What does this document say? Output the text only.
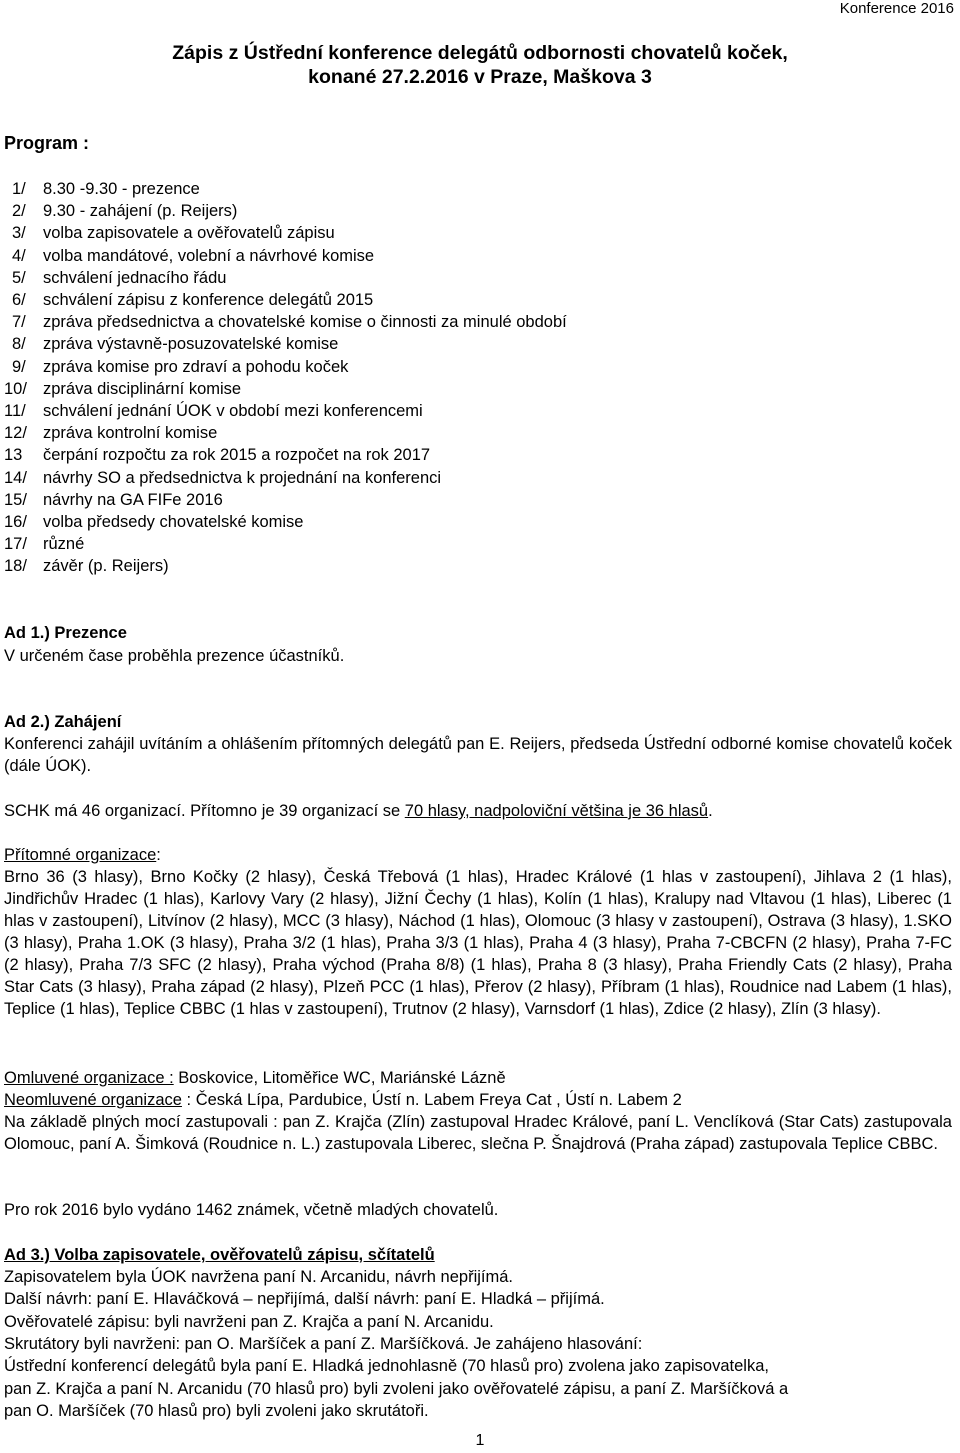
Konference 2016
Zápis z Ústřední konference delegátů odbornosti chovatelů koček,
konané 27.2.2016 v Praze, Maškova 3
Program :
1/ 8.30 -9.30 - prezence
2/ 9.30 - zahájení (p. Reijers)
3/ volba zapisovatele a ověřovatelů zápisu
4/ volba mandátové, volební a návrhové komise
5/ schválení jednacího řádu
6/ schválení zápisu z konference delegátů 2015
7/ zpráva předsednictva a chovatelské komise o činnosti za minulé období
8/ zpráva výstavně-posuzovatelské komise
9/ zpráva komise pro zdraví a pohodu koček
10/ zpráva disciplinární komise
11/ schválení jednání ÚOK v období mezi konferencemi
12/ zpráva kontrolní komise
13 čerpání rozpočtu za rok 2015 a rozpočet na rok 2017
14/ návrhy SO a předsednictva k projednání na konferenci
15/ návrhy na GA FIFe 2016
16/ volba předsedy chovatelské komise
17/ různé
18/ závěr (p. Reijers)
Ad 1.) Prezence
V určeném čase proběhla prezence účastníků.
Ad 2.) Zahájení
Konferenci zahájil uvítáním a ohlášením přítomných delegátů pan E. Reijers, předseda Ústřední odborné komise chovatelů koček (dále ÚOK).
SCHK má 46 organizací. Přítomno je 39 organizací se 70 hlasy, nadpoloviční většina je 36 hlasů.
Přítomné organizace:
Brno 36 (3 hlasy), Brno Kočky (2 hlasy), Česká Třebová (1 hlas), Hradec Králové (1 hlas v zastoupení), Jihlava 2 (1 hlas), Jindřichův Hradec (1 hlas), Karlovy Vary (2 hlasy), Jižní Čechy (1 hlas), Kolín (1 hlas), Kralupy nad Vltavou (1 hlas), Liberec (1 hlas v zastoupení), Litvínov (2 hlasy), MCC (3 hlasy), Náchod (1 hlas), Olomouc (3 hlasy v zastoupení), Ostrava (3 hlasy), 1.SKO (3 hlasy), Praha 1.OK (3 hlasy), Praha 3/2 (1 hlas), Praha 3/3 (1 hlas), Praha 4 (3 hlasy), Praha 7-CBCFN (2 hlasy), Praha 7-FC (2 hlasy), Praha 7/3 SFC (2 hlasy), Praha východ (Praha 8/8) (1 hlas), Praha 8 (3 hlasy), Praha Friendly Cats (2 hlasy), Praha Star Cats (3 hlasy), Praha západ (2 hlasy), Plzeň PCC (1 hlas), Přerov (2 hlasy), Příbram (1 hlas), Roudnice nad Labem (1 hlas), Teplice (1 hlas), Teplice CBBC (1 hlas v zastoupení), Trutnov (2 hlasy), Varnsdorf (1 hlas), Zdice (2 hlasy), Zlín (3 hlasy).
Omluvené organizace : Boskovice, Litoměřice WC, Mariánské Lázně
Neomluvené organizace : Česká Lípa, Pardubice, Ústí n. Labem Freya Cat , Ústí n. Labem 2
Na základě plných mocí zastupovali : pan Z. Krajča (Zlín) zastupoval Hradec Králové, paní L. Venclíková (Star Cats) zastupovala Olomouc, paní A. Šimková (Roudnice n. L.) zastupovala Liberec, slečna P. Šnajdrová (Praha západ) zastupovala Teplice CBBC.
Pro rok 2016 bylo vydáno 1462 známek, včetně mladých chovatelů.
Ad 3.) Volba zapisovatele, ověřovatelů zápisu, sčítatelů
Zapisovatelem byla ÚOK navržena paní N. Arcanidu, návrh nepřijímá.
Další návrh: paní E. Hlaváčková – nepřijímá, další návrh: paní E. Hladká – přijímá.
Ověřovatelé zápisu: byli navrženi pan Z. Krajča a paní N. Arcanidu.
Skrutátory byli navrženi: pan O. Maršíček a paní Z. Maršíčková. Je zahájeno hlasování:
Ústřední konferencí delegátů byla paní E. Hladká jednohlasně (70 hlasů pro) zvolena jako zapisovatelka,
pan Z. Krajča a paní N. Arcanidu (70 hlasů pro) byli zvoleni jako ověřovatelé zápisu, a paní Z. Maršíčková a
pan O. Maršíček (70 hlasů pro) byli zvoleni jako skrutátoři.
1
